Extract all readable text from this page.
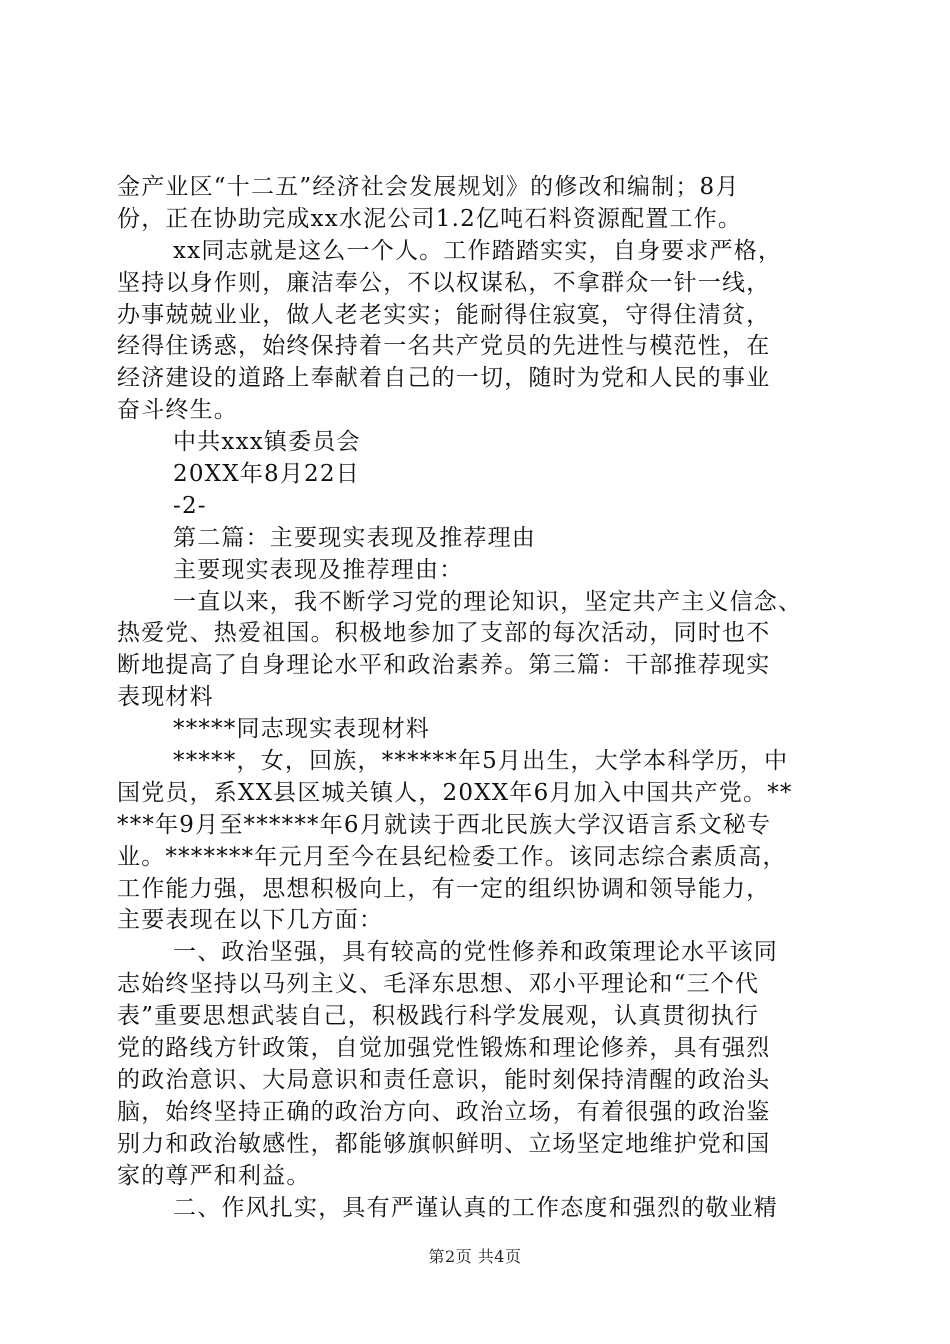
金产业区“十二五”经济社会发展规划》的修改和编制；8月
份，正在协助完成xx水泥公司1.2亿吨石料资源配置工作。
xx同志就是这么一个人。工作踏踏实实，自身要求严格，
坚持以身作则，廉洁奉公，不以权谋私，不拿群众一针一线，
办事兢兢业业，做人老老实实；能耐得住寂寞，守得住清贫，
经得住诱惑，始终保持着一名共产党员的先进性与模范性，在
经济建设的道路上奉献着自己的一切，随时为党和人民的事业
奋斗终生。
中共xxx镇委员会
20XX年8月22日
-2-
第二篇：主要现实表现及推荐理由
主要现实表现及推荐理由：
一直以来，我不断学习党的理论知识，坚定共产主义信念、
热爱党、热爱祖国。积极地参加了支部的每次活动，同时也不
断地提高了自身理论水平和政治素养。第三篇：干部推荐现实
表现材料
*****同志现实表现材料
*****，女，回族，******年5月出生，大学本科学历，中
国党员，系XX县区城关镇人，20XX年6月加入中国共产党。**
***年9月至******年6月就读于西北民族大学汉语言系文秘专
业。*******年元月至今在县纪检委工作。该同志综合素质高，
工作能力强，思想积极向上，有一定的组织协调和领导能力，
主要表现在以下几方面：
一、政治坚强，具有较高的党性修养和政策理论水平该同
志始终坚持以马列主义、毛泽东思想、邓小平理论和“三个代
表”重要思想武装自己，积极践行科学发展观，认真贯彻执行
党的路线方针政策，自觉加强党性锻炼和理论修养，具有强烈
的政治意识、大局意识和责任意识，能时刻保持清醒的政治头
脑，始终坚持正确的政治方向、政治立场，有着很强的政治鉴
别力和政治敏感性，都能够旗帜鲜明、立场坚定地维护党和国
家的尊严和利益。
二、作风扎实，具有严谨认真的工作态度和强烈的敬业精
第2页 共4页
